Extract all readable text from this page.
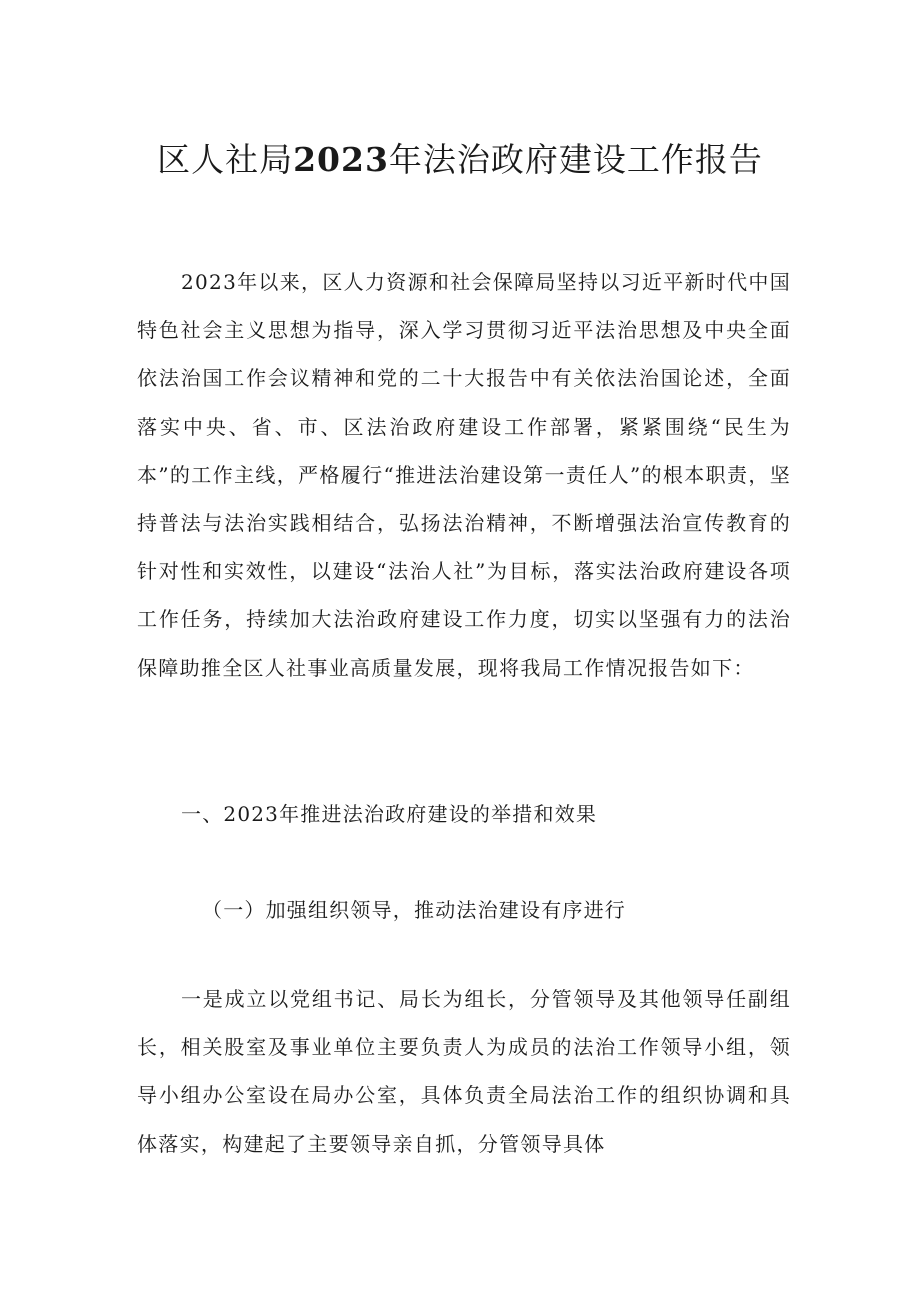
区人社局2023年法治政府建设工作报告

2023年以来，区人力资源和社会保障局坚持以习近平新时代中国特色社会主义思想为指导，深入学习贯彻习近平法治思想及中央全面依法治国工作会议精神和党的二十大报告中有关依法治国论述，全面落实中央、省、市、区法治政府建设工作部署，紧紧围绕“民生为本”的工作主线，严格履行“推进法治建设第一责任人”的根本职责，坚持普法与法治实践相结合，弘扬法治精神，不断增强法治宣传教育的针对性和实效性，以建设“法治人社”为目标，落实法治政府建设各项工作任务，持续加大法治政府建设工作力度，切实以坚强有力的法治保障助推全区人社事业高质量发展，现将我局工作情况报告如下：

一、2023年推进法治政府建设的举措和效果
（一）加强组织领导，推动法治建设有序进行

一是成立以党组书记、局长为组长，分管领导及其他领导任副组长，相关股室及事业单位主要负责人为成员的法治工作领导小组，领导小组办公室设在局办公室，具体负责全局法治工作的组织协调和具体落实，构建起了主要领导亲自抓，分管领导具体
